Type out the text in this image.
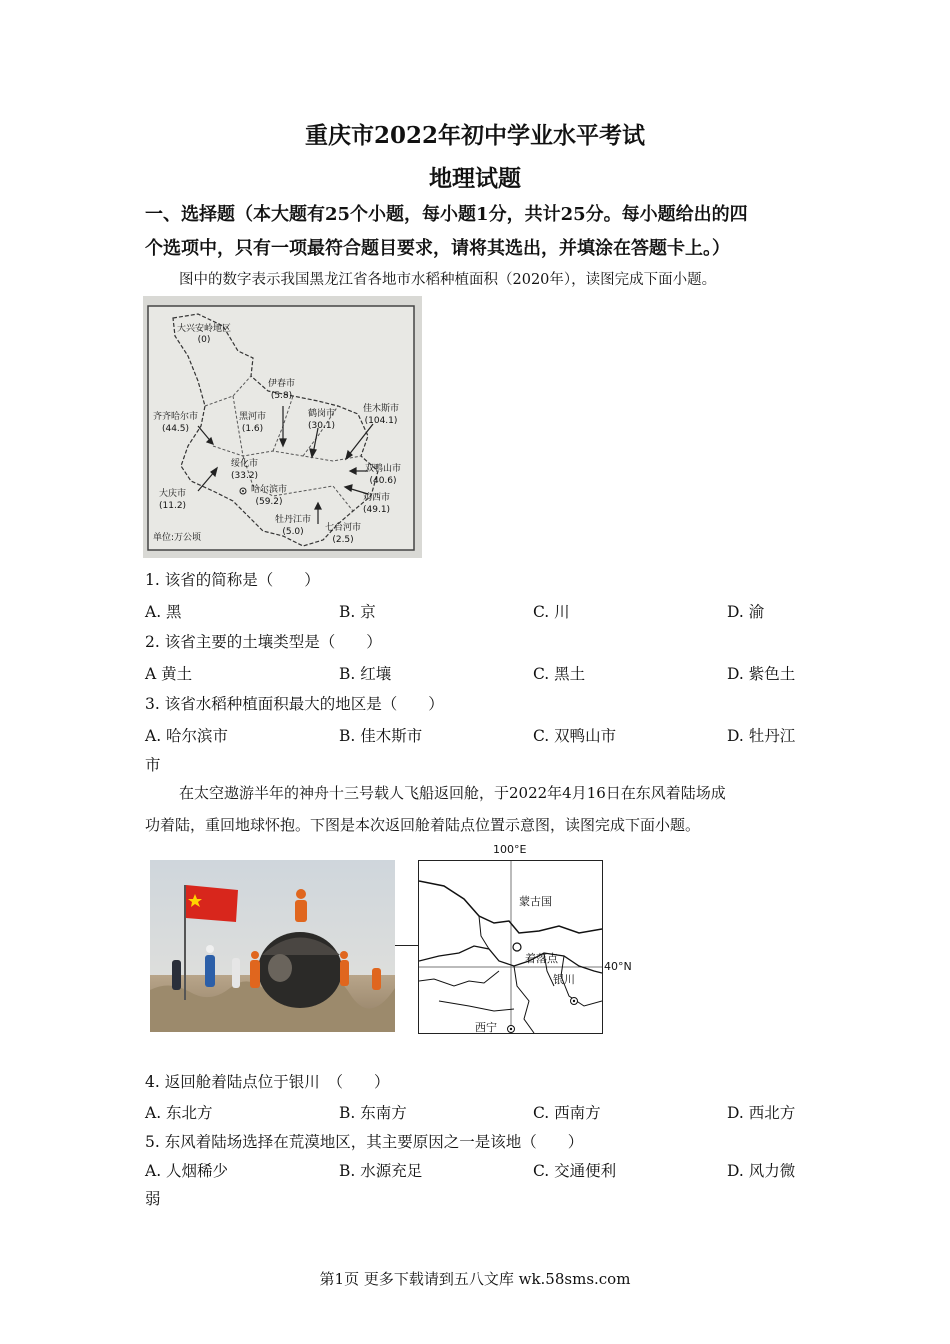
重庆市2022年初中学业水平考试
地理试题
一、选择题（本大题有25个小题，每小题1分，共计25分。每小题给出的四
个选项中，只有一项最符合题目要求，请将其选出，并填涂在答题卡上。）
图中的数字表示我国黑龙江省各地市水稻种植面积（2020年），读图完成下面小题。
大兴安岭地区
(0)
伊春市
(5.8)
齐齐哈尔市
(44.5)
黑河市
(1.6)
鹤岗市
(30.1)
佳木斯市
(104.1)
绥化市
(33.2)
双鸭山市
(40.6)
哈尔滨市
(59.2)
大庆市
(11.2)
鸡西市
(49.1)
牡丹江市
(5.0)	七台河市
(2.5)
单位:万公顷
1. 该省的简称是（　　）
A. 黑	B. 京	C. 川	D. 渝
2. 该省主要的土壤类型是（　　）
A 黄土	B. 红壤	C. 黑土	D. 紫色土
3. 该省水稻种植面积最大的地区是（　　）
A. 哈尔滨市	B. 佳木斯市	C. 双鸭山市	D. 牡丹江
市
在太空遨游半年的神舟十三号载人飞船返回舱，于2022年4月16日在东风着陆场成
功着陆，重回地球怀抱。下图是本次返回舱着陆点位置示意图，读图完成下面小题。
蒙古国
着落点
银川
西宁
100°E
40°N
4. 返回舱着陆点位于银川　（　　）
A. 东北方	B. 东南方	C. 西南方	D. 西北方
5. 东风着陆场选择在荒漠地区，其主要原因之一是该地（　　）
A. 人烟稀少	B. 水源充足	C. 交通便利	D. 风力微
弱
第1页 更多下载请到五八文库 wk.58sms.com
